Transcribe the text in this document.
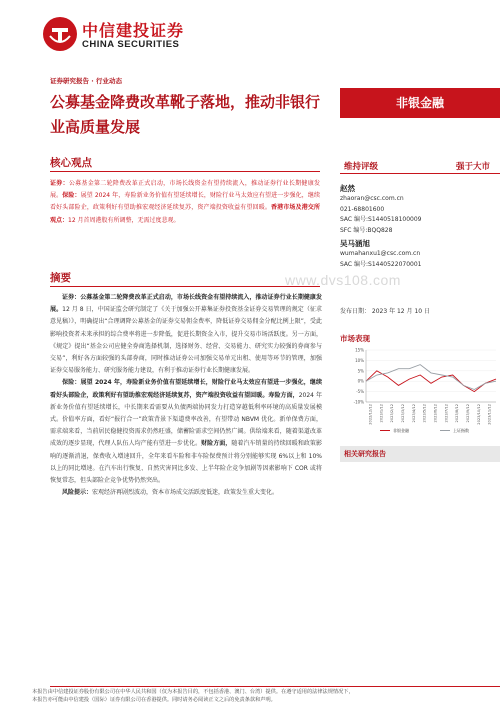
中信建投证券
CHINA SECURITIES
证券研究报告 · 行业动态
公募基金降费改革靴子落地，推动非银行业高质量发展
非银金融
核心观点
证券：公募基金第二轮降费改革正式启动，市场长线资金有望持续流入，推动证券行业长期健康发展。保险：展望 2024 年，寿险新业务价值有望延续增长，财险行业马太效应有望进一步强化，继续看好头部险企，政策利好有望助推宏观经济延续复苏，资产端投资收益有望回暖。香港市场及港交所观点：12 月首周港股有所调整，无需过度悲观。
摘要

  证券：公募基金第二轮降费改革正式启动，市场长线资金有望持续流入，推动证券行业长期健康发展。12 月 8 日，中国证监会研究制定了《关于加强公开募集证券投资基金证券交易管理的规定（征求意见稿）》，明确提出“合理调降公募基金的证券交易佣金费率，降低证券交易佣金分配比例上限”，受此影响投资者未来承担的综合费率将进一步降低，促进长期资金入市，提升交易市场活跃度。另一方面，《规定》提出“基金公司应健全券商选择机制，选择财务、经营、交易能力、研究实力较强的券商参与交易”，利好各方面较强的头部券商，同时推动证券公司加强交易单元出租、使用等环节的管理，加强证券交易服务能力、研究服务能力建设，有利于推动证券行业长期健康发展。

  保险：展望 2024 年，寿险新业务价值有望延续增长，财险行业马太效应有望进一步强化，继续看好头部险企，政策利好有望助推宏观经济延续复苏，资产端投资收益有望回暖。寿险方面，2024 年新业务价值有望延续增长，中长期来看需要从负债两端协同发力打造穿越低利率环境的高质量发展模式。价值率方面，看好“报行合一”政策背景下渠道费率改善，有望带动 NBVM 优化。新单保费方面，需求端来看，当前居民稳健投资需求仍然旺盛，储蓄险需求空间仍然广阔。供给端来看，随着渠道改革成效的逐步显现，代理人队伍人均产能有望进一步优化。财险方面，随着汽车销量的持续回暖和政策影响的逐渐消退，保费收入增速回升，全年来看车险和非车险保费预计将分别能够实现 6%以上和 10%以上的同比增速。在汽车出行恢复、自然灾害同比多发、上半年险企竞争加剧等因素影响下 COR 或将恢复常态，但头部险企竞争优势仍然突出。

  风险提示：宏观经济再剧烈波动，资本市场成交活跃度低迷，政策发生重大变化。

维持评级	强于大市
赵然
zhaoran@csc.com.cn
021-68801600
SAC 编号:S1440518100009
SFC 编号:BQQ828
吴马涵旭
wumahanxu1@csc.com.cn
SAC 编号:S1440522070001
发布日期： 2023 年 12 月 10 日
市场表现
15%
10%
5%
0%
-5%
-10%
2022/12/12 2023/1/12 2023/2/12 2023/3/12 2023/4/12 2023/5/12 2023/6/12 2023/7/12 2023/8/12 2023/9/12 2023/10/12 2023/11/12
非银金融	上证指数
相关研究报告
www.dvs108.com
本报告由中信建投证券股份有限公司在中华人民共和国（仅为本报告目的，不包括香港、澳门、台湾）提供。在遵守适用的法律法规情况下，
本报告亦可能由中信建投（国际）证券有限公司在香港提供。同时请务必阅读正文之后的免责条款和声明。
